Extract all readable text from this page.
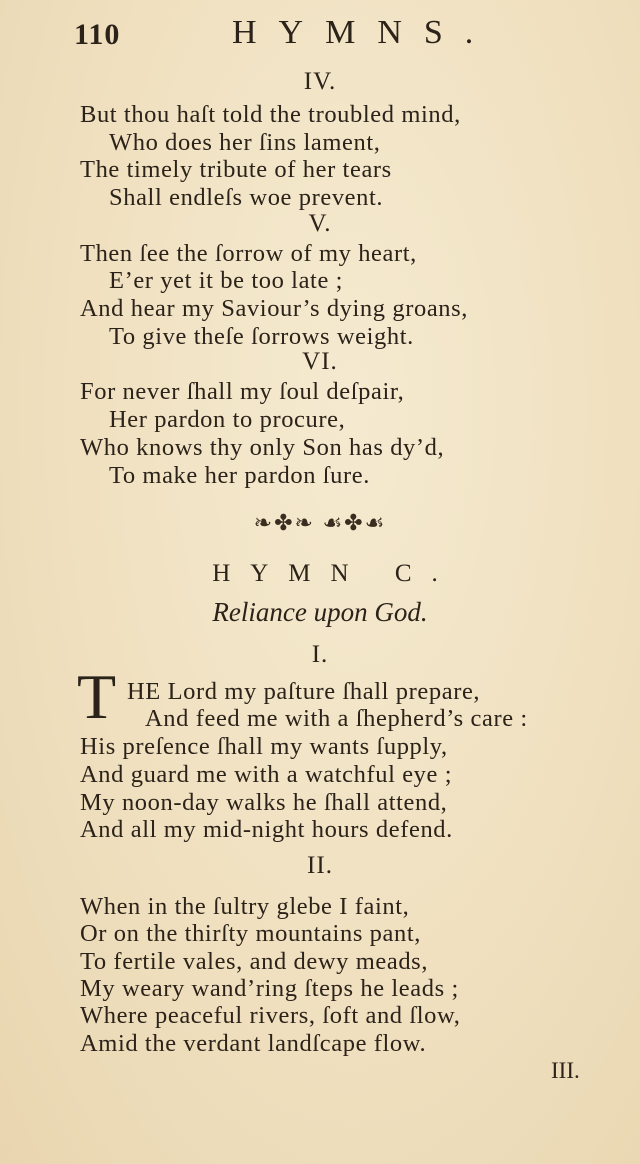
110	HYMNS.
IV.
But thou haſt told the troubled mind,
Who does her ſins lament,
The timely tribute of her tears
Shall endleſs woe prevent.
V.
Then ſee the ſorrow of my heart,
E’er yet it be too late ;
And hear my Saviour’s dying groans,
To give theſe ſorrows weight.
VI.
For never ſhall my ſoul deſpair,
Her pardon to procure,
Who knows thy only Son has dy’d,
To make her pardon ſure.
❧✤❧ ☙✤☙
HYMN C.
Reliance upon God.
I.
T HE Lord my paſture ſhall prepare,
And feed me with a ſhepherd’s care :
His preſence ſhall my wants ſupply,
And guard me with a watchful eye ;
My noon-day walks he ſhall attend,
And all my mid-night hours defend.
II.
When in the ſultry glebe I faint,
Or on the thirſty mountains pant,
To fertile vales, and dewy meads,
My weary wand’ring ſteps he leads ;
Where peaceful rivers, ſoft and ſlow,
Amid the verdant landſcape flow.
III.
